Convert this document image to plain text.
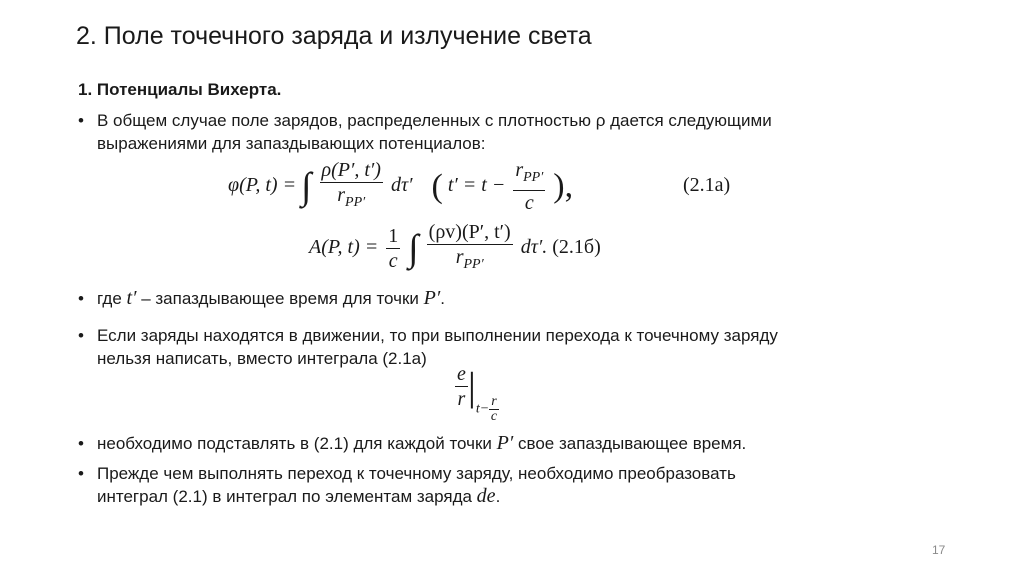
2. Поле точечного заряда и излучение света
1. Потенциалы Вихерта.
• В общем случае поле зарядов, распределенных с плотностью ρ дается следующими
выражениями для запаздывающих потенциалов:
φ(P, t) = ∫ $\frac{\rho(P', t')}{r_{PP'}} d\tau'$ ( $t' = t - \frac{r_{PP'}}{c}$ ),	(2.1а)
A(P, $t) = \frac{1}{c}$ ∫ $\frac{(\rho v)(P', t')}{r_{PP'}} d\tau'$. (2.1б)
• где t′ – запаздывающее время для точки P′.
• Если заряды находятся в движении, то при выполнении перехода к точечному заряду
нельзя написать, вместо интеграла (2.1а)
$\frac{e}{r} |t- \frac{r}{c}$
• необходимо подставлять в (2.1) для каждой точки P′ свое запаздывающее время.
• Прежде чем выполнять переход к точечному заряду, необходимо преобразовать
интеграл (2.1) в интеграл по элементам заряда de.
17
